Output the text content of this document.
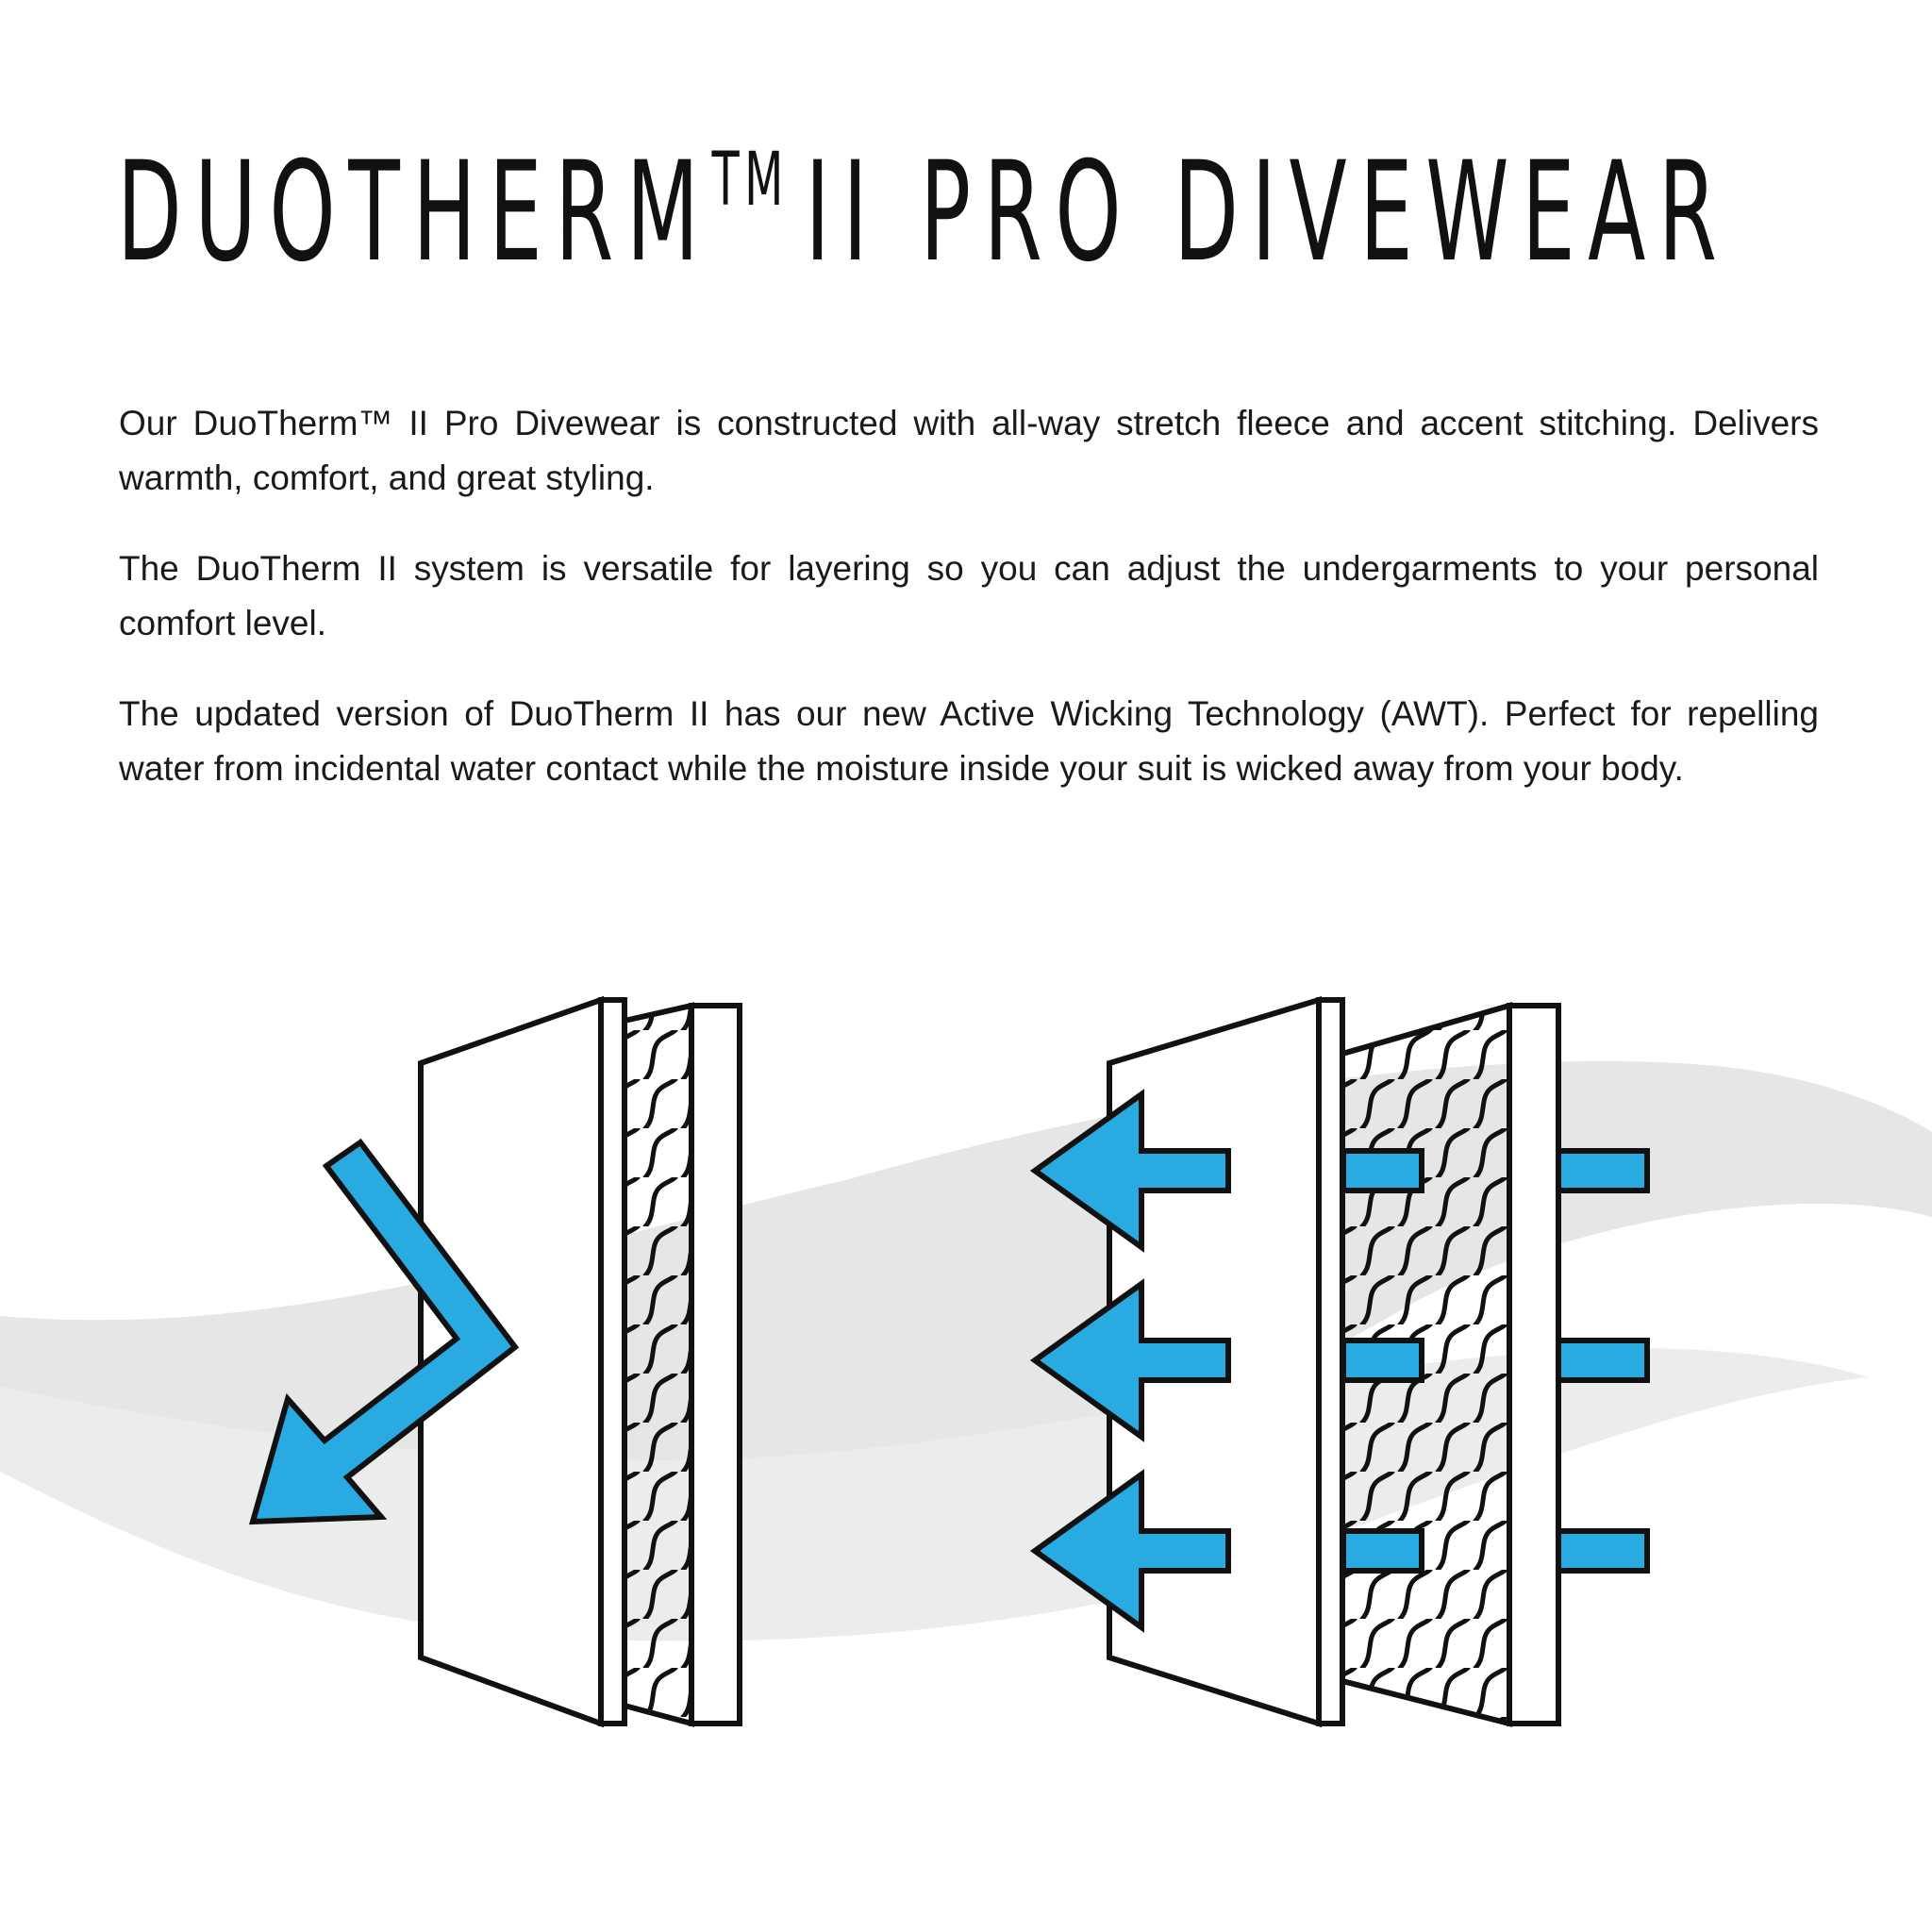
DUOTHERM™ II PRO DIVEWEAR

Our DuoTherm™ II Pro Divewear is constructed with all-way stretch fleece and accent stitching. Delivers warmth, comfort, and great styling.

The DuoTherm II system is versatile for layering so you can adjust the undergarments to your personal comfort level.

The updated version of DuoTherm II has our new Active Wicking Technology (AWT). Perfect for repelling water from incidental water contact while the moisture inside your suit is wicked away from your body.
